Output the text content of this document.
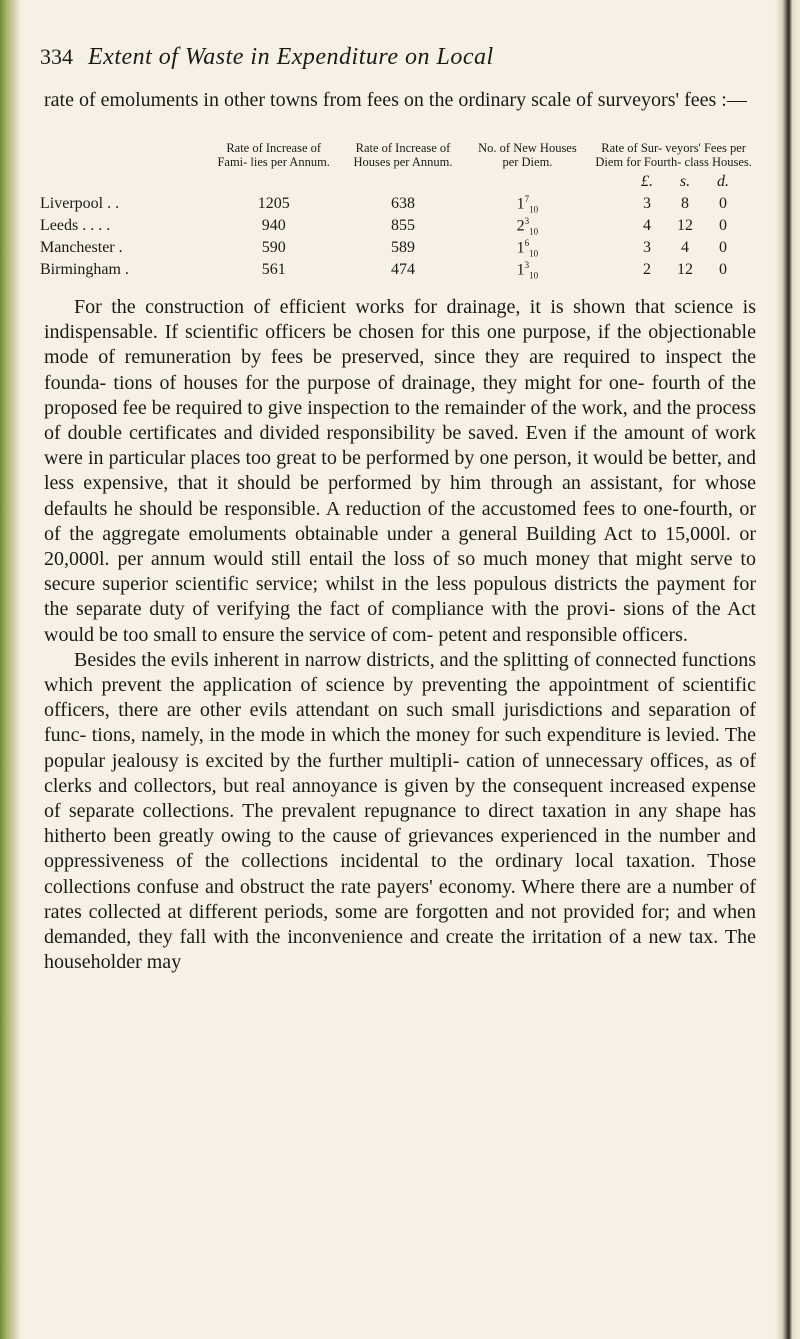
334 Extent of Waste in Expenditure on Local

rate of emoluments in other towns from fees on the ordinary scale of surveyors' fees :—

	Rate of Increase of Fami- lies per Annum.	Rate of Increase of Houses per Annum.	No. of New Houses per Diem.	Rate of Sur- veyors' Fees per Diem for Fourth- class Houses.
				£. s. d.
Liverpool . .	1205	638	$1^7_{10}$	3 8 0
Leeds . . . .	940	855	$2^3_{10}$	4 12 0
Manchester .	590	589	$1^6_{10}$	3 4 0
Birmingham .	561	474	$1^3_{10}$	2 12 0

For the construction of efficient works for drainage, it is shown that science is indispensable. If scientific officers be chosen for this one purpose, if the objectionable mode of remuneration by fees be preserved, since they are required to inspect the founda- tions of houses for the purpose of drainage, they might for one- fourth of the proposed fee be required to give inspection to the remainder of the work, and the process of double certificates and divided responsibility be saved. Even if the amount of work were in particular places too great to be performed by one person, it would be better, and less expensive, that it should be performed by him through an assistant, for whose defaults he should be responsible. A reduction of the accustomed fees to one-fourth, or of the aggregate emoluments obtainable under a general Building Act to 15,000l. or 20,000l. per annum would still entail the loss of so much money that might serve to secure superior scientific service; whilst in the less populous districts the payment for the separate duty of verifying the fact of compliance with the provi- sions of the Act would be too small to ensure the service of com- petent and responsible officers.

Besides the evils inherent in narrow districts, and the splitting of connected functions which prevent the application of science by preventing the appointment of scientific officers, there are other evils attendant on such small jurisdictions and separation of func- tions, namely, in the mode in which the money for such expenditure is levied. The popular jealousy is excited by the further multipli- cation of unnecessary offices, as of clerks and collectors, but real annoyance is given by the consequent increased expense of separate collections. The prevalent repugnance to direct taxation in any shape has hitherto been greatly owing to the cause of grievances experienced in the number and oppressiveness of the collections incidental to the ordinary local taxation. Those collections confuse and obstruct the rate payers' economy. Where there are a number of rates collected at different periods, some are forgotten and not provided for; and when demanded, they fall with the inconvenience and create the irritation of a new tax. The householder may
